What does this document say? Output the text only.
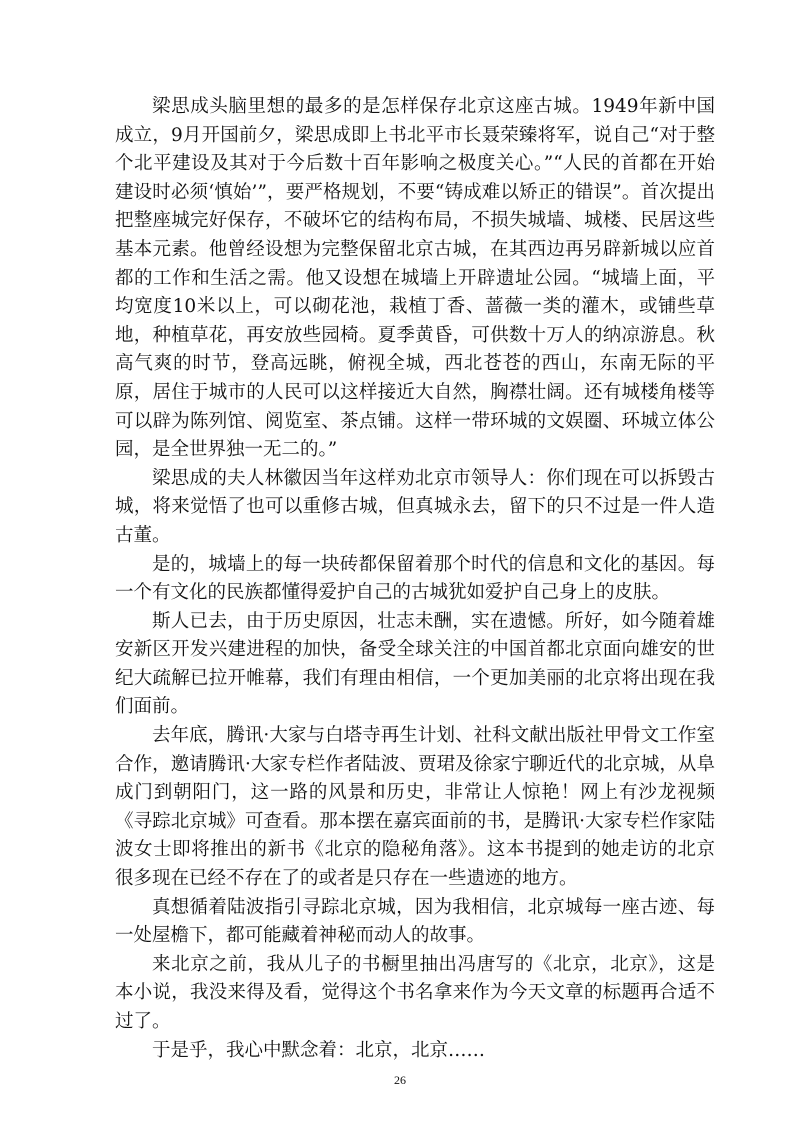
梁思成头脑里想的最多的是怎样保存北京这座古城。1949年新中国成立，9月开国前夕，梁思成即上书北平市长聂荣臻将军，说自己“对于整个北平建设及其对于今后数十百年影响之极度关心。”“人民的首都在开始建设时必须‘慎始’”，要严格规划，不要“铸成难以矫正的错误”。首次提出把整座城完好保存，不破坏它的结构布局，不损失城墙、城楼、民居这些基本元素。他曾经设想为完整保留北京古城，在其西边再另辟新城以应首都的工作和生活之需。他又设想在城墙上开辟遗址公园。“城墙上面，平均宽度10米以上，可以砌花池，栽植丁香、蔷薇一类的灌木，或铺些草地，种植草花，再安放些园椅。夏季黄昏，可供数十万人的纳凉游息。秋高气爽的时节，登高远眺，俯视全城，西北苍苍的西山，东南无际的平原，居住于城市的人民可以这样接近大自然，胸襟壮阔。还有城楼角楼等可以辟为陈列馆、阅览室、茶点铺。这样一带环城的文娱圈、环城立体公园，是全世界独一无二的。”

梁思成的夫人林徽因当年这样劝北京市领导人：你们现在可以拆毁古城，将来觉悟了也可以重修古城，但真城永去，留下的只不过是一件人造古董。

是的，城墙上的每一块砖都保留着那个时代的信息和文化的基因。每一个有文化的民族都懂得爱护自己的古城犹如爱护自己身上的皮肤。

斯人已去，由于历史原因，壮志未酬，实在遗憾。所好，如今随着雄安新区开发兴建进程的加快，备受全球关注的中国首都北京面向雄安的世纪大疏解已拉开帷幕，我们有理由相信，一个更加美丽的北京将出现在我们面前。

去年底，腾讯·大家与白塔寺再生计划、社科文献出版社甲骨文工作室合作，邀请腾讯·大家专栏作者陆波、贾珺及徐家宁聊近代的北京城，从阜成门到朝阳门，这一路的风景和历史，非常让人惊艳！网上有沙龙视频《寻踪北京城》可查看。那本摆在嘉宾面前的书，是腾讯·大家专栏作家陆波女士即将推出的新书《北京的隐秘角落》。这本书提到的她走访的北京很多现在已经不存在了的或者是只存在一些遗迹的地方。

真想循着陆波指引寻踪北京城，因为我相信，北京城每一座古迹、每一处屋檐下，都可能藏着神秘而动人的故事。

来北京之前，我从儿子的书橱里抽出冯唐写的《北京，北京》，这是本小说，我没来得及看，觉得这个书名拿来作为今天文章的标题再合适不过了。

于是乎，我心中默念着：北京，北京……

26
